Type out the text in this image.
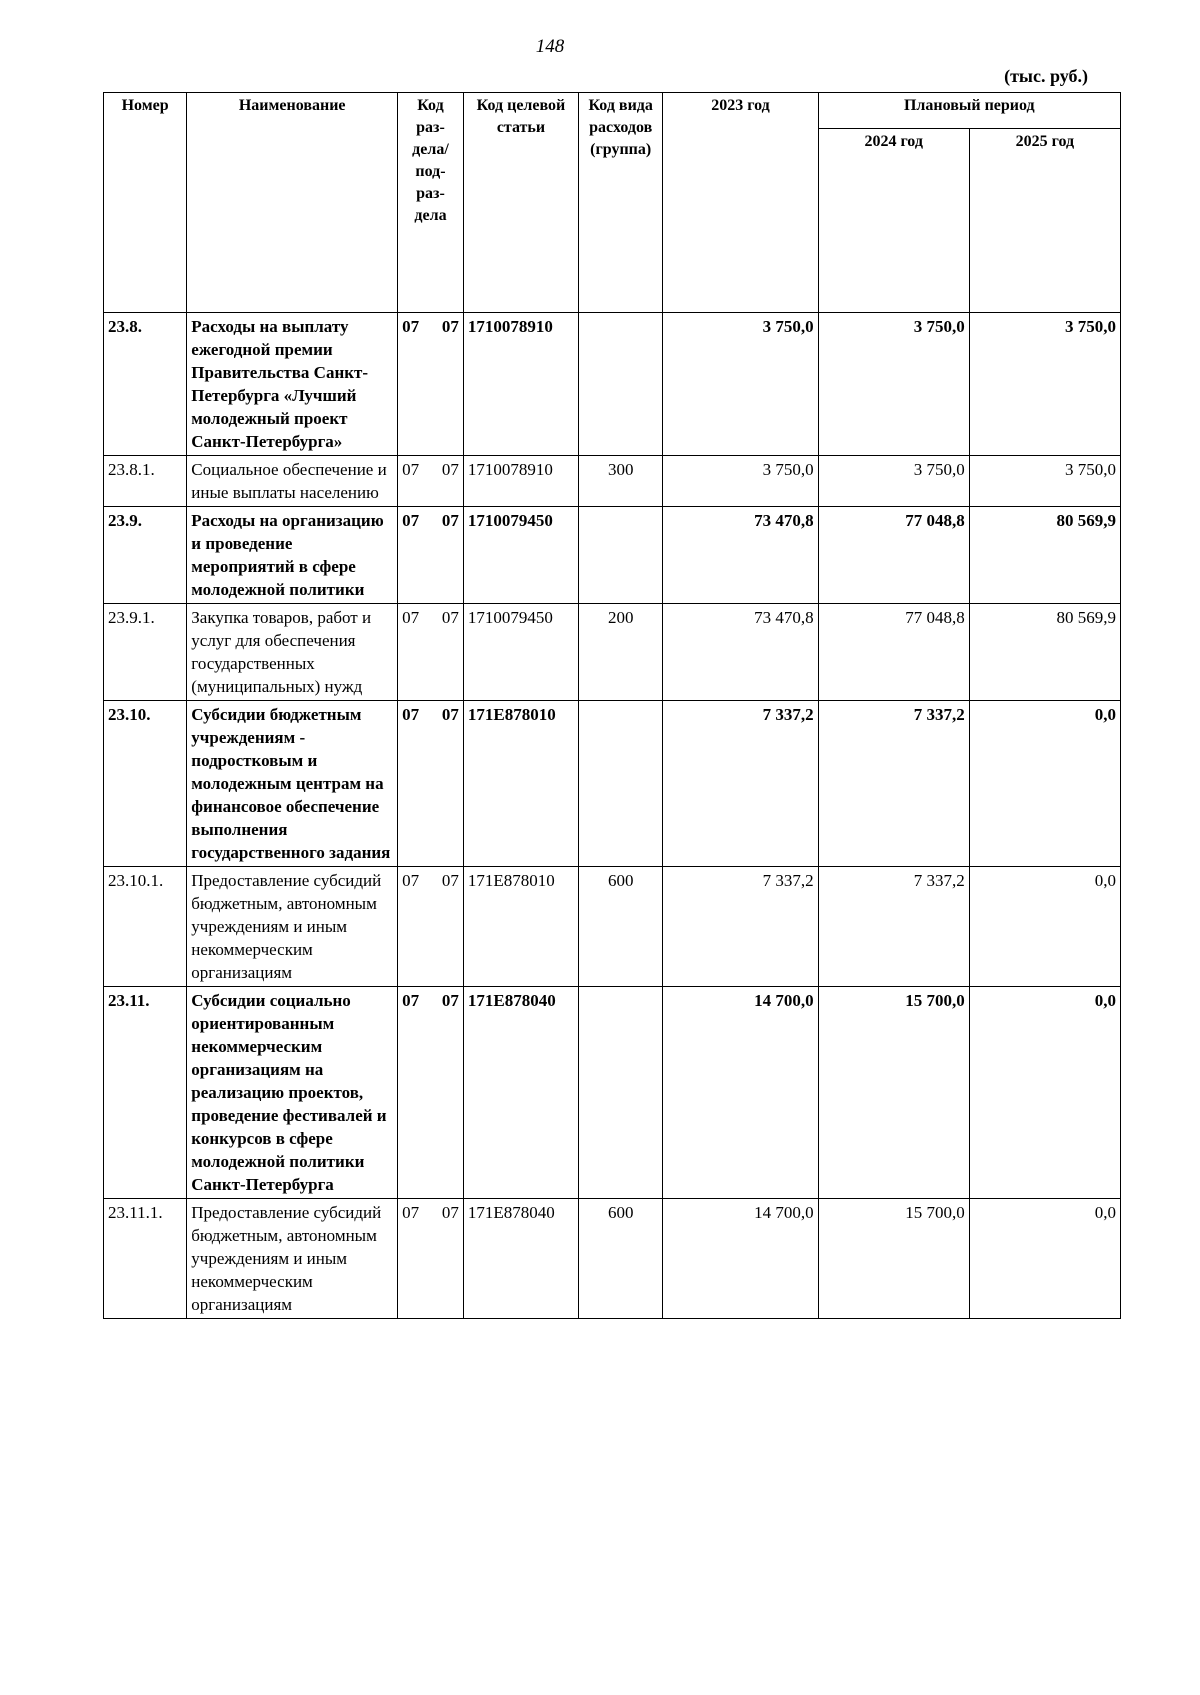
148
(тыс. руб.)
Номер	Наименование	Код раз-дела/ под-раз-дела	Код целевой статьи	Код вида расходов (группа)	2023 год	Плановый период	
						2024 год	2025 год
23.8.	Расходы на выплату ежегодной премии Правительства Санкт-Петербурга «Лучший молодежный проект Санкт-Петербурга»	07 07	1710078910		3 750,0	3 750,0	3 750,0
23.8.1.	Социальное обеспечение и иные выплаты населению	07 07	1710078910	300	3 750,0	3 750,0	3 750,0
23.9.	Расходы на организацию и проведение мероприятий в сфере молодежной политики	07 07	1710079450		73 470,8	77 048,8	80 569,9
23.9.1.	Закупка товаров, работ и услуг для обеспечения государственных (муниципальных) нужд	07 07	1710079450	200	73 470,8	77 048,8	80 569,9
23.10.	Субсидии бюджетным учреждениям - подростковым и молодежным центрам на финансовое обеспечение выполнения государственного задания	07 07	171E878010		7 337,2	7 337,2	0,0
23.10.1.	Предоставление субсидий бюджетным, автономным учреждениям и иным некоммерческим организациям	07 07	171E878010	600	7 337,2	7 337,2	0,0
23.11.	Субсидии социально ориентированным некоммерческим организациям на реализацию проектов, проведение фестивалей и конкурсов в сфере молодежной политики Санкт-Петербурга	07 07	171E878040		14 700,0	15 700,0	0,0
23.11.1.	Предоставление субсидий бюджетным, автономным учреждениям и иным некоммерческим организациям	07 07	171E878040	600	14 700,0	15 700,0	0,0
